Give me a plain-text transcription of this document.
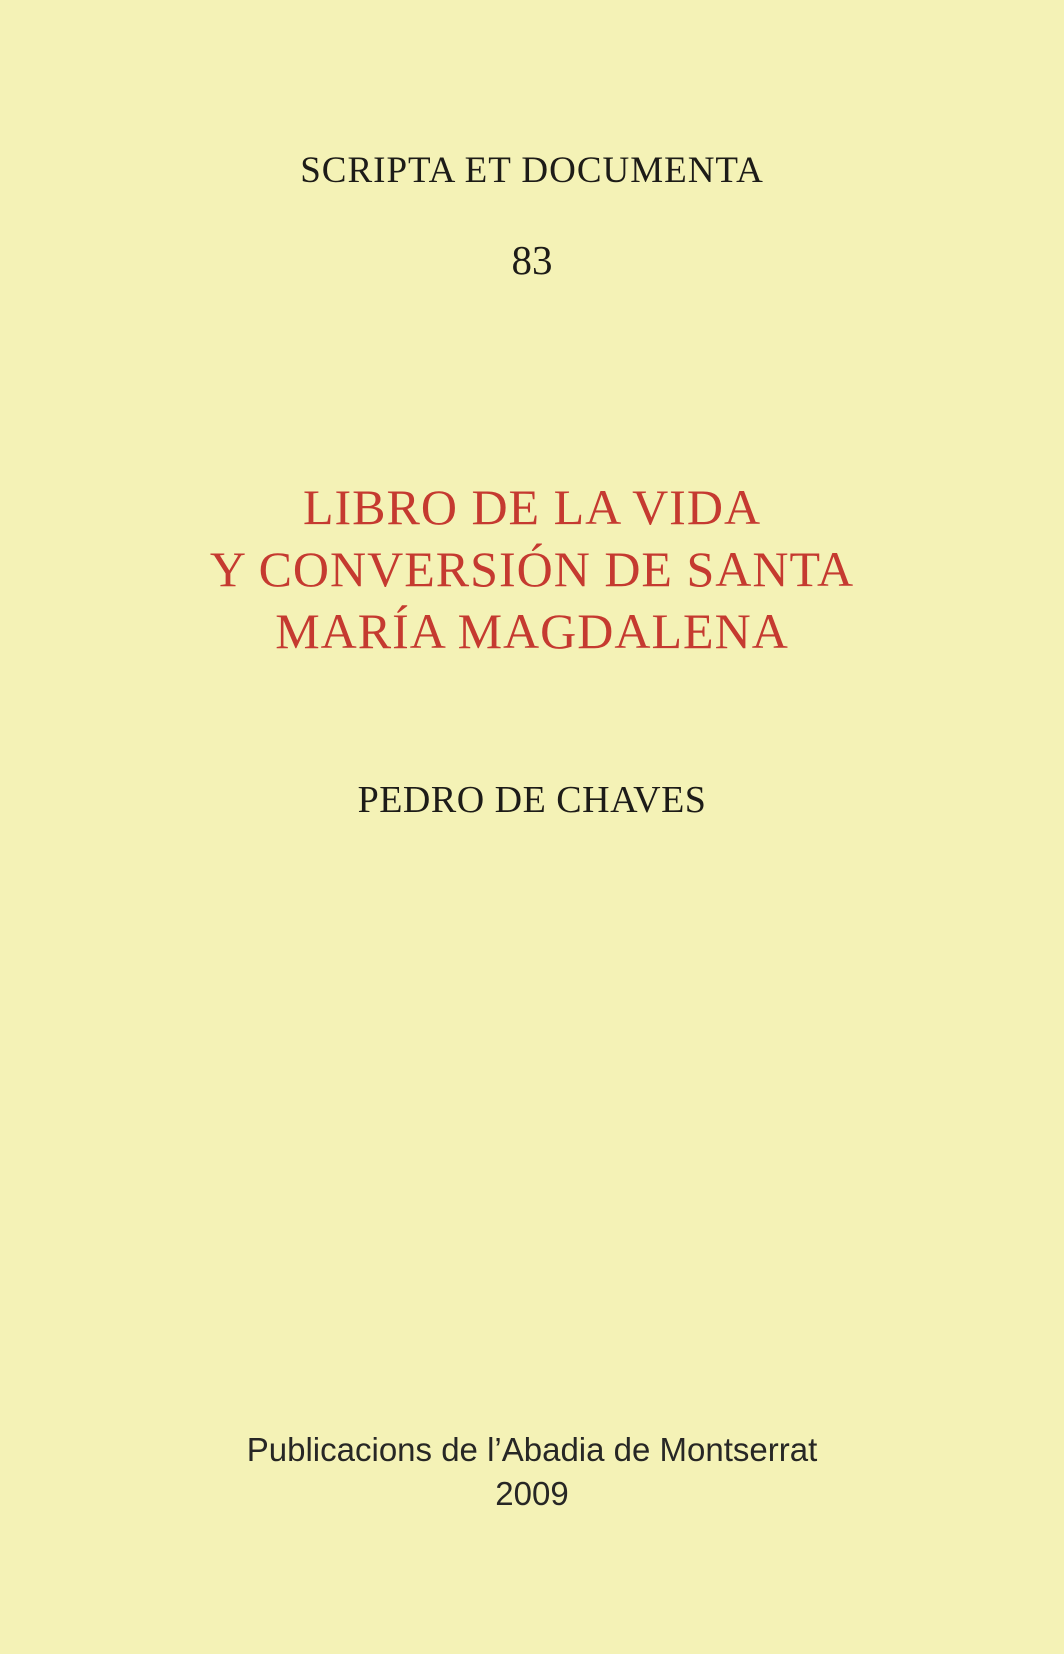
SCRIPTA ET DOCUMENTA
83
LIBRO DE LA VIDA
Y CONVERSIÓN DE SANTA
MARÍA MAGDALENA
PEDRO DE CHAVES
Publicacions de l’Abadia de Montserrat
2009
